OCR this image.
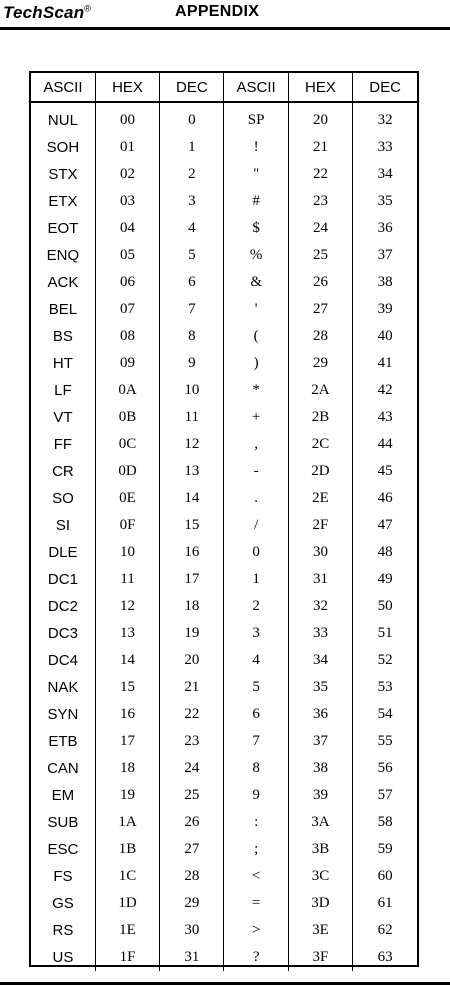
TechScan®	APPENDIX
ASCII	HEX	DEC	ASCII	HEX	DEC
NUL	00	0	SP	20	32
SOH	01	1	!	21	33
STX	02	2	"	22	34
ETX	03	3	#	23	35
EOT	04	4	$	24	36
ENQ	05	5	%	25	37
ACK	06	6	&	26	38
BEL	07	7	'	27	39
BS	08	8	(	28	40
HT	09	9	)	29	41
LF	0A	10	*	2A	42
VT	0B	11	+	2B	43
FF	0C	12	,	2C	44
CR	0D	13	-	2D	45
SO	0E	14	.	2E	46
SI	0F	15	/	2F	47
DLE	10	16	0	30	48
DC1	11	17	1	31	49
DC2	12	18	2	32	50
DC3	13	19	3	33	51
DC4	14	20	4	34	52
NAK	15	21	5	35	53
SYN	16	22	6	36	54
ETB	17	23	7	37	55
CAN	18	24	8	38	56
EM	19	25	9	39	57
SUB	1A	26	:	3A	58
ESC	1B	27	;	3B	59
FS	1C	28	<	3C	60
GS	1D	29	=	3D	61
RS	1E	30	>	3E	62
US	1F	31	?	3F	63
